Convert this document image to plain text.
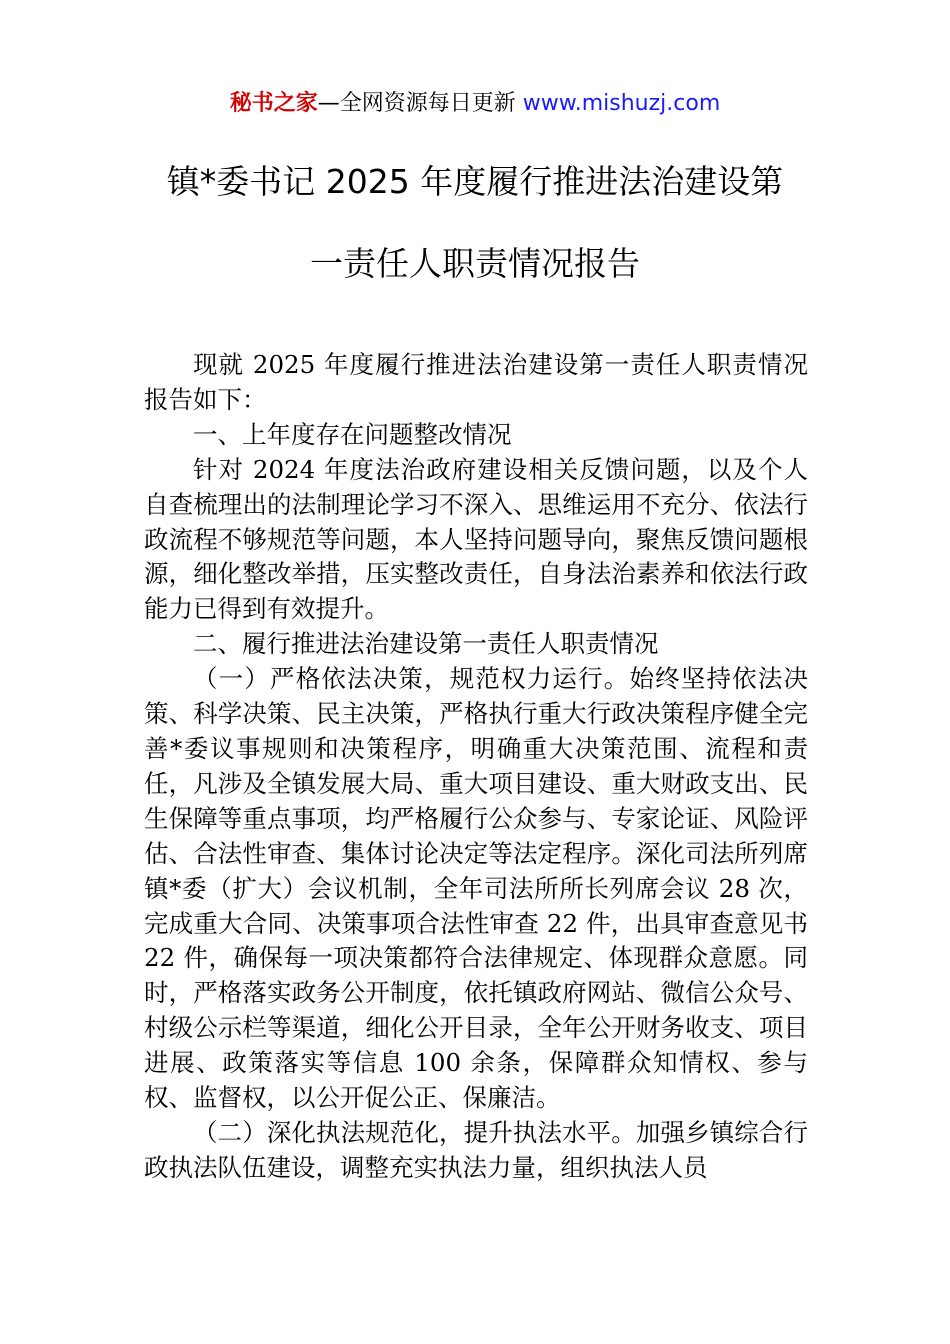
秘书之家—全网资源每日更新 www.mishuzj.com
镇*委书记 2025 年度履行推进法治建设第
一责任人职责情况报告

现就 2025 年度履行推进法治建设第一责任人职责情况报告如下：

一、上年度存在问题整改情况

针对 2024 年度法治政府建设相关反馈问题，以及个人自查梳理出的法制理论学习不深入、思维运用不充分、依法行政流程不够规范等问题，本人坚持问题导向，聚焦反馈问题根源，细化整改举措，压实整改责任，自身法治素养和依法行政能力已得到有效提升。

二、履行推进法治建设第一责任人职责情况

（一）严格依法决策，规范权力运行。始终坚持依法决策、科学决策、民主决策，严格执行重大行政决策程序健全完善*委议事规则和决策程序，明确重大决策范围、流程和责任，凡涉及全镇发展大局、重大项目建设、重大财政支出、民生保障等重点事项，均严格履行公众参与、专家论证、风险评估、合法性审查、集体讨论决定等法定程序。深化司法所列席镇*委（扩大）会议机制，全年司法所所长列席会议 28 次，完成重大合同、决策事项合法性审查 22 件，出具审查意见书 22 件，确保每一项决策都符合法律规定、体现群众意愿。同时，严格落实政务公开制度，依托镇政府网站、微信公众号、村级公示栏等渠道，细化公开目录，全年公开财务收支、项目进展、政策落实等信息 100 余条，保障群众知情权、参与权、监督权，以公开促公正、保廉洁。

（二）深化执法规范化，提升执法水平。加强乡镇综合行政执法队伍建设，调整充实执法力量，组织执法人员
